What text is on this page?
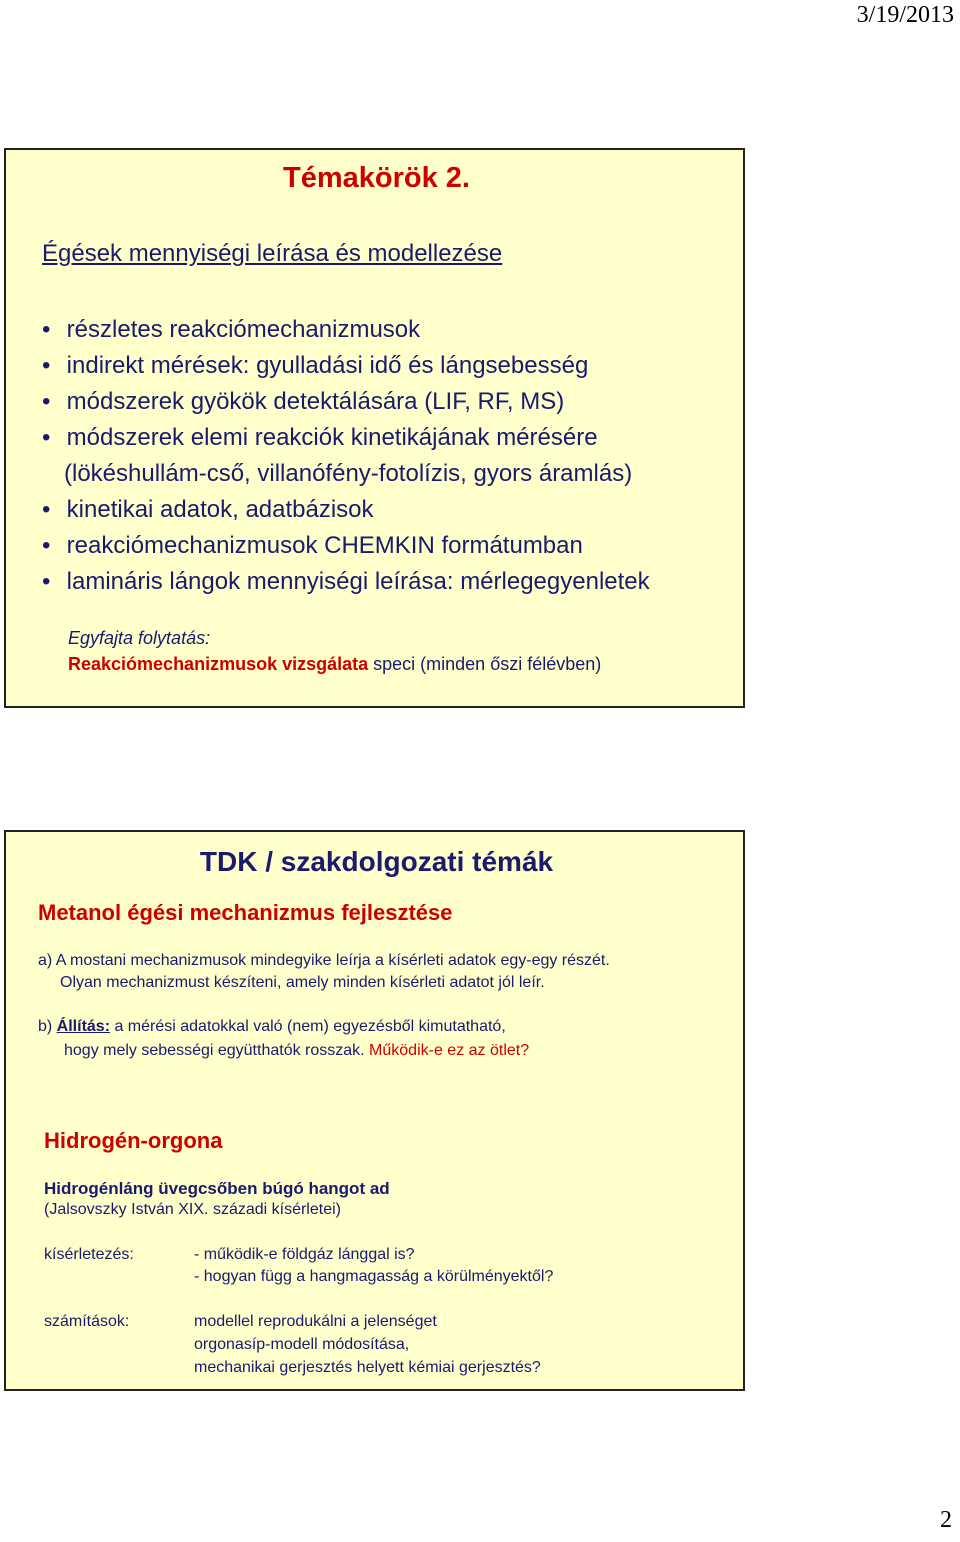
3/19/2013
Témakörök 2.
Égések mennyiségi leírása és modellezése
• részletes reakciómechanizmusok
• indirekt mérések: gyulladási idő és lángsebesség
• módszerek gyökök detektálására (LIF, RF, MS)
• módszerek elemi reakciók kinetikájának mérésére
(lökéshullám-cső, villanófény-fotolízis, gyors áramlás)
• kinetikai adatok, adatbázisok
• reakciómechanizmusok CHEMKIN formátumban
• lamináris lángok mennyiségi leírása: mérlegegyenletek
Egyfajta folytatás:
Reakciómechanizmusok vizsgálata speci (minden őszi félévben)
TDK / szakdolgozati témák
Metanol égési mechanizmus fejlesztése
a) A mostani mechanizmusok mindegyike leírja a kísérleti adatok egy-egy részét.
Olyan mechanizmust készíteni, amely minden kísérleti adatot jól leír.
b) Állítás: a mérési adatokkal való (nem) egyezésből kimutatható,
hogy mely sebességi együtthatók rosszak. Működik-e ez az ötlet?
Hidrogén-orgona
Hidrogénláng üvegcsőben búgó hangot ad
(Jalsovszky István XIX. századi kísérletei)
kísérletezés:	- működik-e földgáz lánggal is?
- hogyan függ a hangmagasság a körülményektől?
számítások:	modellel reprodukálni a jelenséget
orgonasíp-modell módosítása,
mechanikai gerjesztés helyett kémiai gerjesztés?
2
